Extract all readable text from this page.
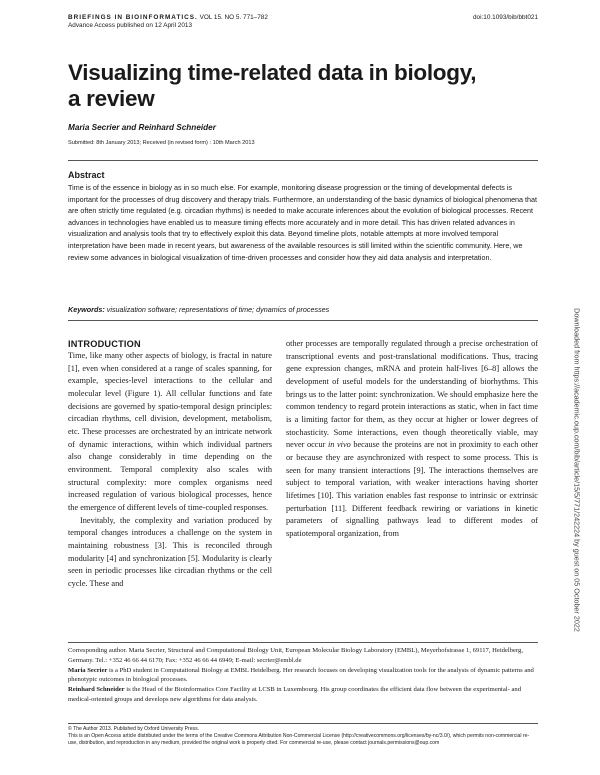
BRIEFINGS IN BIOINFORMATICS. VOL 15. NO 5. 771–782	doi:10.1093/bib/bbt021
Advance Access published on 12 April 2013
Visualizing time-related data in biology,
a review
Maria Secrier and Reinhard Schneider
Submitted: 8th January 2013; Received (in revised form) : 10th March 2013
Abstract

Time is of the essence in biology as in so much else. For example, monitoring disease progression or the timing of developmental defects is important for the processes of drug discovery and therapy trials. Furthermore, an understanding of the basic dynamics of biological phenomena that are often strictly time regulated (e.g. circadian rhythms) is needed to make accurate inferences about the evolution of biological processes. Recent advances in technologies have enabled us to measure timing effects more accurately and in more detail. This has driven related advances in visualization and analysis tools that try to effectively exploit this data. Beyond timeline plots, notable attempts at more involved temporal interpretation have been made in recent years, but awareness of the available resources is still limited within the scientific community. Here, we review some advances in biological visualization of time-driven processes and consider how they aid data analysis and interpretation.

Keywords: visualization software; representations of time; dynamics of processes
INTRODUCTION

Time, like many other aspects of biology, is fractal in nature [1], even when considered at a range of scales spanning, for example, species-level interactions to the cellular and molecular level (Figure 1). All cellular functions and fate decisions are governed by spatio-temporal design principles: circadian rhythms, cell division, development, metabolism, etc. These processes are orchestrated by an intricate network of dynamic interactions, within which individual partners also change considerably in time depending on the environment. Temporal complexity also scales with structural complexity: more complex organisms need increased regulation of various biological processes, hence the emergence of different levels of time-coupled responses.

Inevitably, the complexity and variation produced by temporal changes introduces a challenge on the system in maintaining robustness [3]. This is reconciled through modularity [4] and synchronization [5]. Modularity is clearly seen in periodic processes like circadian rhythms or the cell cycle. These and

other processes are temporally regulated through a precise orchestration of transcriptional events and post-translational modifications. Thus, tracing gene expression changes, mRNA and protein half-lives [6–8] allows the development of useful models for the understanding of biorhythms. This brings us to the latter point: synchronization. We should emphasize here the common tendency to regard protein interactions as static, when in fact time is a limiting factor for them, as they occur at higher or lower degrees of stochasticity. Some interactions, even though theoretically viable, may never occur in vivo because the proteins are not in proximity to each other or because they are asynchronized with respect to some process. This is seen for many transient interactions [9]. The interactions themselves are subject to temporal variation, with weaker interactions having shorter lifetimes [10]. This variation enables fast response to intrinsic or extrinsic perturbation [11]. Different feedback rewiring or variations in kinetic parameters of signalling pathways lead to different modes of spatiotemporal organization, from

Corresponding author. Maria Secrier, Structural and Computational Biology Unit, European Molecular Biology Laboratory (EMBL), Meyerhofstrasse 1, 69117, Heidelberg, Germany. Tel.: +352 46 66 44 6170; Fax: +352 46 66 44 6949; E-mail: secrier@embl.de

Maria Secrier is a PhD student in Computational Biology at EMBL Heidelberg. Her research focuses on developing visualization tools for the analysis of dynamic patterns and phenotypic outcomes in biological processes.

Reinhard Schneider is the Head of the Bioinformatics Core Facility at LCSB in Luxembourg. His group coordinates the efficient data flow between the experimental- and medical-oriented groups and develops new algorithms for data analysis.

© The Author 2013. Published by Oxford University Press.

This is an Open Access article distributed under the terms of the Creative Commons Attribution Non-Commercial License (http://creativecommons.org/licenses/by-nc/3.0/), which permits non-commercial re-use, distribution, and reproduction in any medium, provided the original work is properly cited. For commercial re-use, please contact journals.permissions@oup.com

Downloaded from https://academic.oup.com/bib/article/15/5/771/242224 by guest on 05 October 2022
